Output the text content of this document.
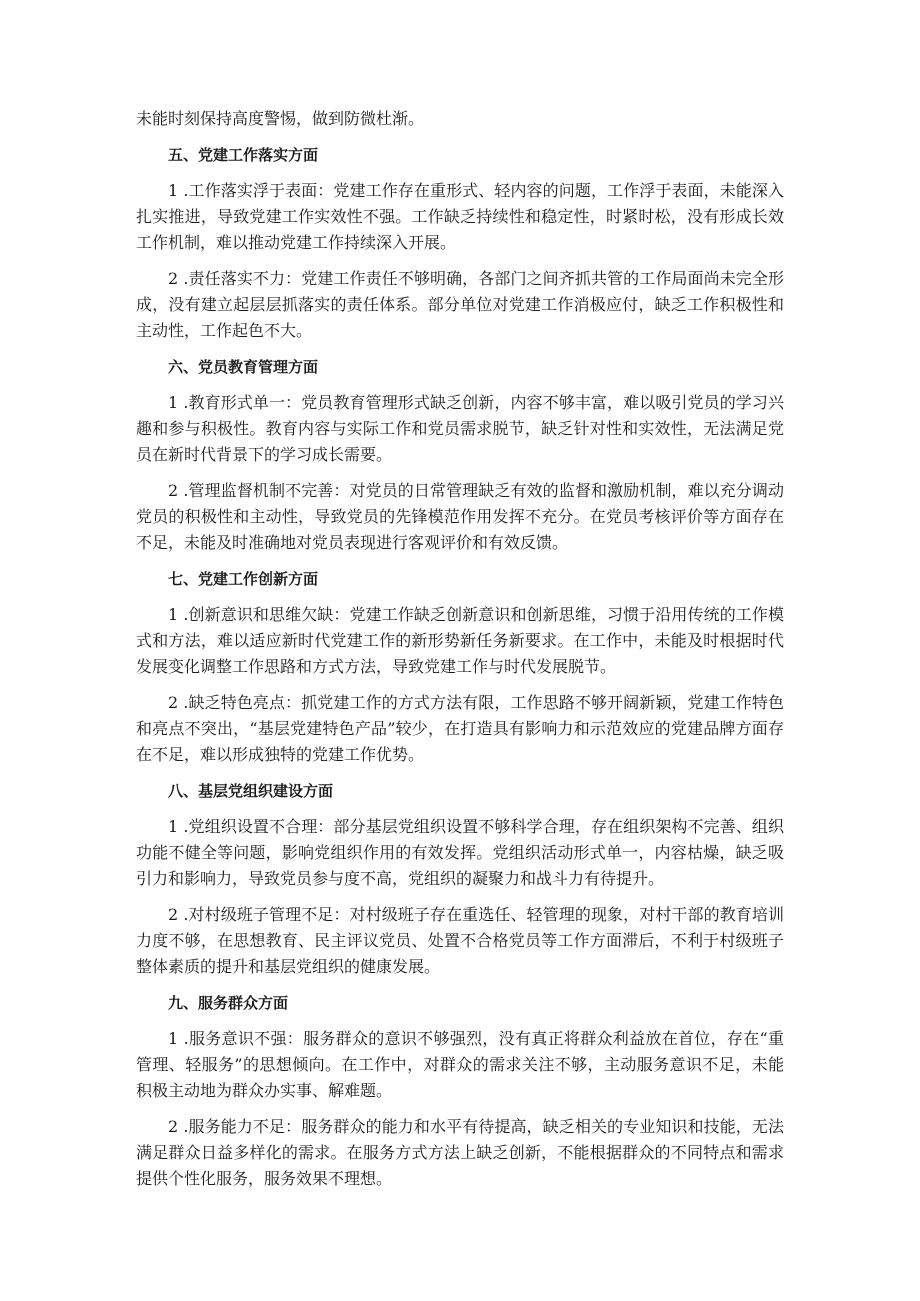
未能时刻保持高度警惕，做到防微杜渐。

五、党建工作落实方面

1 .工作落实浮于表面：党建工作存在重形式、轻内容的问题，工作浮于表面，未能深入扎实推进，导致党建工作实效性不强。工作缺乏持续性和稳定性，时紧时松，没有形成长效工作机制，难以推动党建工作持续深入开展。

2 .责任落实不力：党建工作责任不够明确，各部门之间齐抓共管的工作局面尚未完全形成，没有建立起层层抓落实的责任体系。部分单位对党建工作消极应付，缺乏工作积极性和主动性，工作起色不大。

六、党员教育管理方面

1 .教育形式单一：党员教育管理形式缺乏创新，内容不够丰富，难以吸引党员的学习兴趣和参与积极性。教育内容与实际工作和党员需求脱节，缺乏针对性和实效性，无法满足党员在新时代背景下的学习成长需要。

2 .管理监督机制不完善：对党员的日常管理缺乏有效的监督和激励机制，难以充分调动党员的积极性和主动性，导致党员的先锋模范作用发挥不充分。在党员考核评价等方面存在不足，未能及时准确地对党员表现进行客观评价和有效反馈。

七、党建工作创新方面

1 .创新意识和思维欠缺：党建工作缺乏创新意识和创新思维，习惯于沿用传统的工作模式和方法，难以适应新时代党建工作的新形势新任务新要求。在工作中，未能及时根据时代发展变化调整工作思路和方式方法，导致党建工作与时代发展脱节。

2 .缺乏特色亮点：抓党建工作的方式方法有限，工作思路不够开阔新颖，党建工作特色和亮点不突出，“基层党建特色产品”较少，在打造具有影响力和示范效应的党建品牌方面存在不足，难以形成独特的党建工作优势。

八、基层党组织建设方面

1 .党组织设置不合理：部分基层党组织设置不够科学合理，存在组织架构不完善、组织功能不健全等问题，影响党组织作用的有效发挥。党组织活动形式单一，内容枯燥，缺乏吸引力和影响力，导致党员参与度不高，党组织的凝聚力和战斗力有待提升。

2 .对村级班子管理不足：对村级班子存在重选任、轻管理的现象，对村干部的教育培训力度不够，在思想教育、民主评议党员、处置不合格党员等工作方面滞后，不利于村级班子整体素质的提升和基层党组织的健康发展。

九、服务群众方面

1 .服务意识不强：服务群众的意识不够强烈，没有真正将群众利益放在首位，存在“重管理、轻服务”的思想倾向。在工作中，对群众的需求关注不够，主动服务意识不足，未能积极主动地为群众办实事、解难题。

2 .服务能力不足：服务群众的能力和水平有待提高，缺乏相关的专业知识和技能，无法满足群众日益多样化的需求。在服务方式方法上缺乏创新，不能根据群众的不同特点和需求提供个性化服务，服务效果不理想。
